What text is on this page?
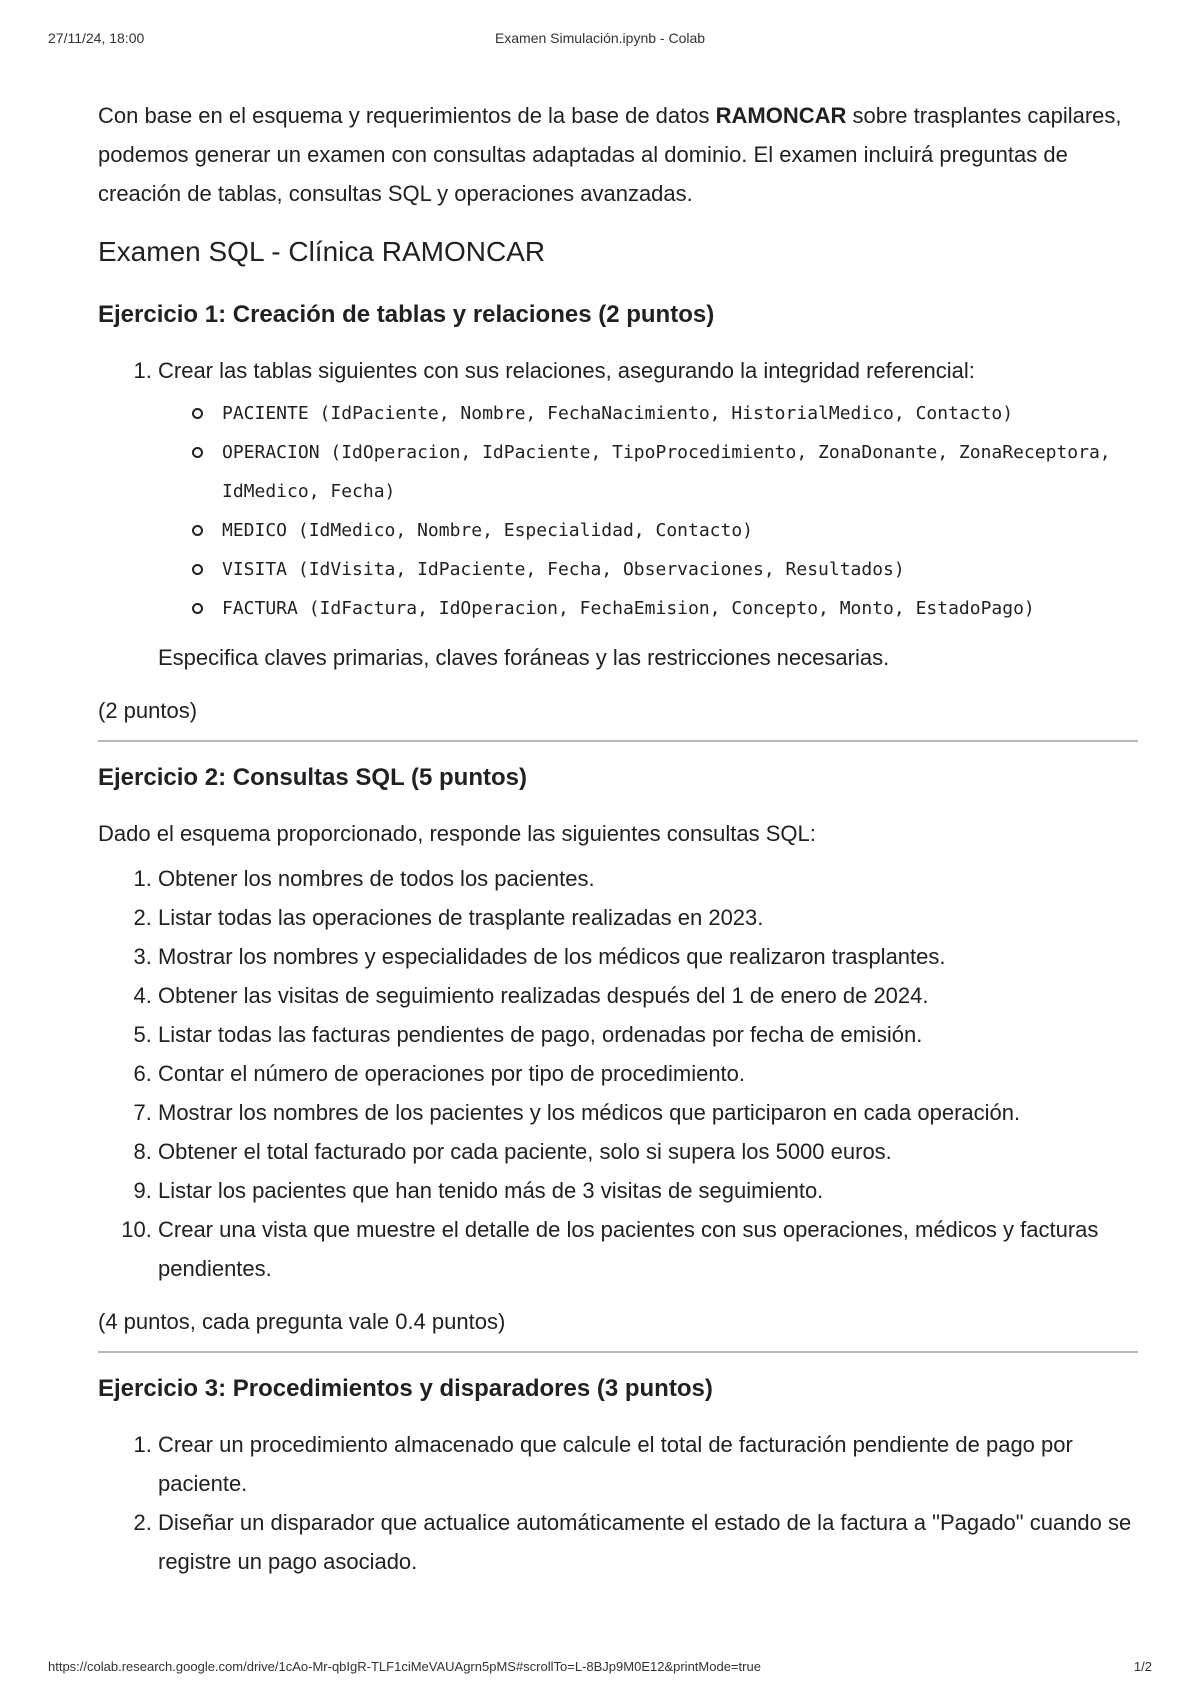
27/11/24, 18:00	Examen Simulación.ipynb - Colab

Con base en el esquema y requerimientos de la base de datos RAMONCAR sobre trasplantes capilares, podemos generar un examen con consultas adaptadas al dominio. El examen incluirá preguntas de creación de tablas, consultas SQL y operaciones avanzadas.

Examen SQL - Clínica RAMONCAR
Ejercicio 1: Creación de tablas y relaciones (2 puntos)
1. Crear las tablas siguientes con sus relaciones, asegurando la integridad referencial:
PACIENTE (IdPaciente, Nombre, FechaNacimiento, HistorialMedico, Contacto)
OPERACION (IdOperacion, IdPaciente, TipoProcedimiento, ZonaDonante, ZonaReceptora, IdMedico, Fecha)
MEDICO (IdMedico, Nombre, Especialidad, Contacto)
VISITA (IdVisita, IdPaciente, Fecha, Observaciones, Resultados)
FACTURA (IdFactura, IdOperacion, FechaEmision, Concepto, Monto, EstadoPago)

Especifica claves primarias, claves foráneas y las restricciones necesarias.

(2 puntos)

Ejercicio 2: Consultas SQL (5 puntos)

Dado el esquema proporcionado, responde las siguientes consultas SQL:

1. Obtener los nombres de todos los pacientes.
2. Listar todas las operaciones de trasplante realizadas en 2023.
3. Mostrar los nombres y especialidades de los médicos que realizaron trasplantes.
4. Obtener las visitas de seguimiento realizadas después del 1 de enero de 2024.
5. Listar todas las facturas pendientes de pago, ordenadas por fecha de emisión.
6. Contar el número de operaciones por tipo de procedimiento.
7. Mostrar los nombres de los pacientes y los médicos que participaron en cada operación.
8. Obtener el total facturado por cada paciente, solo si supera los 5000 euros.
9. Listar los pacientes que han tenido más de 3 visitas de seguimiento.
10. Crear una vista que muestre el detalle de los pacientes con sus operaciones, médicos y facturas pendientes.

(4 puntos, cada pregunta vale 0.4 puntos)

Ejercicio 3: Procedimientos y disparadores (3 puntos)
1. Crear un procedimiento almacenado que calcule el total de facturación pendiente de pago por paciente.
2. Diseñar un disparador que actualice automáticamente el estado de la factura a "Pagado" cuando se registre un pago asociado.
https://colab.research.google.com/drive/1cAo-Mr-qbIgR-TLF1ciMeVAUAgrn5pMS#scrollTo=L-8BJp9M0E12&printMode=true	1/2
